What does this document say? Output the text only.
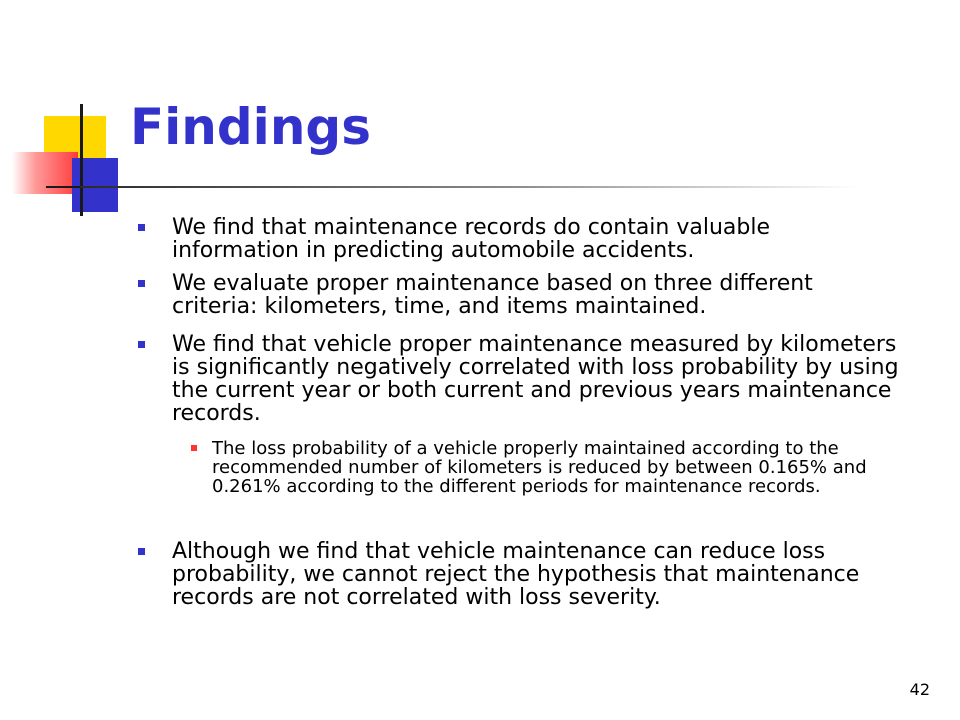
Findings
We find that maintenance records do contain valuable information in predicting automobile accidents.
We evaluate proper maintenance based on three different criteria: kilometers, time, and items maintained.
We find that vehicle proper maintenance measured by kilometers is significantly negatively correlated with loss probability by using the current year or both current and previous years maintenance records.
The loss probability of a vehicle properly maintained according to the recommended number of kilometers is reduced by between 0.165% and 0.261% according to the different periods for maintenance records.
Although we find that vehicle maintenance can reduce loss probability, we cannot reject the hypothesis that maintenance records are not correlated with loss severity.
42
